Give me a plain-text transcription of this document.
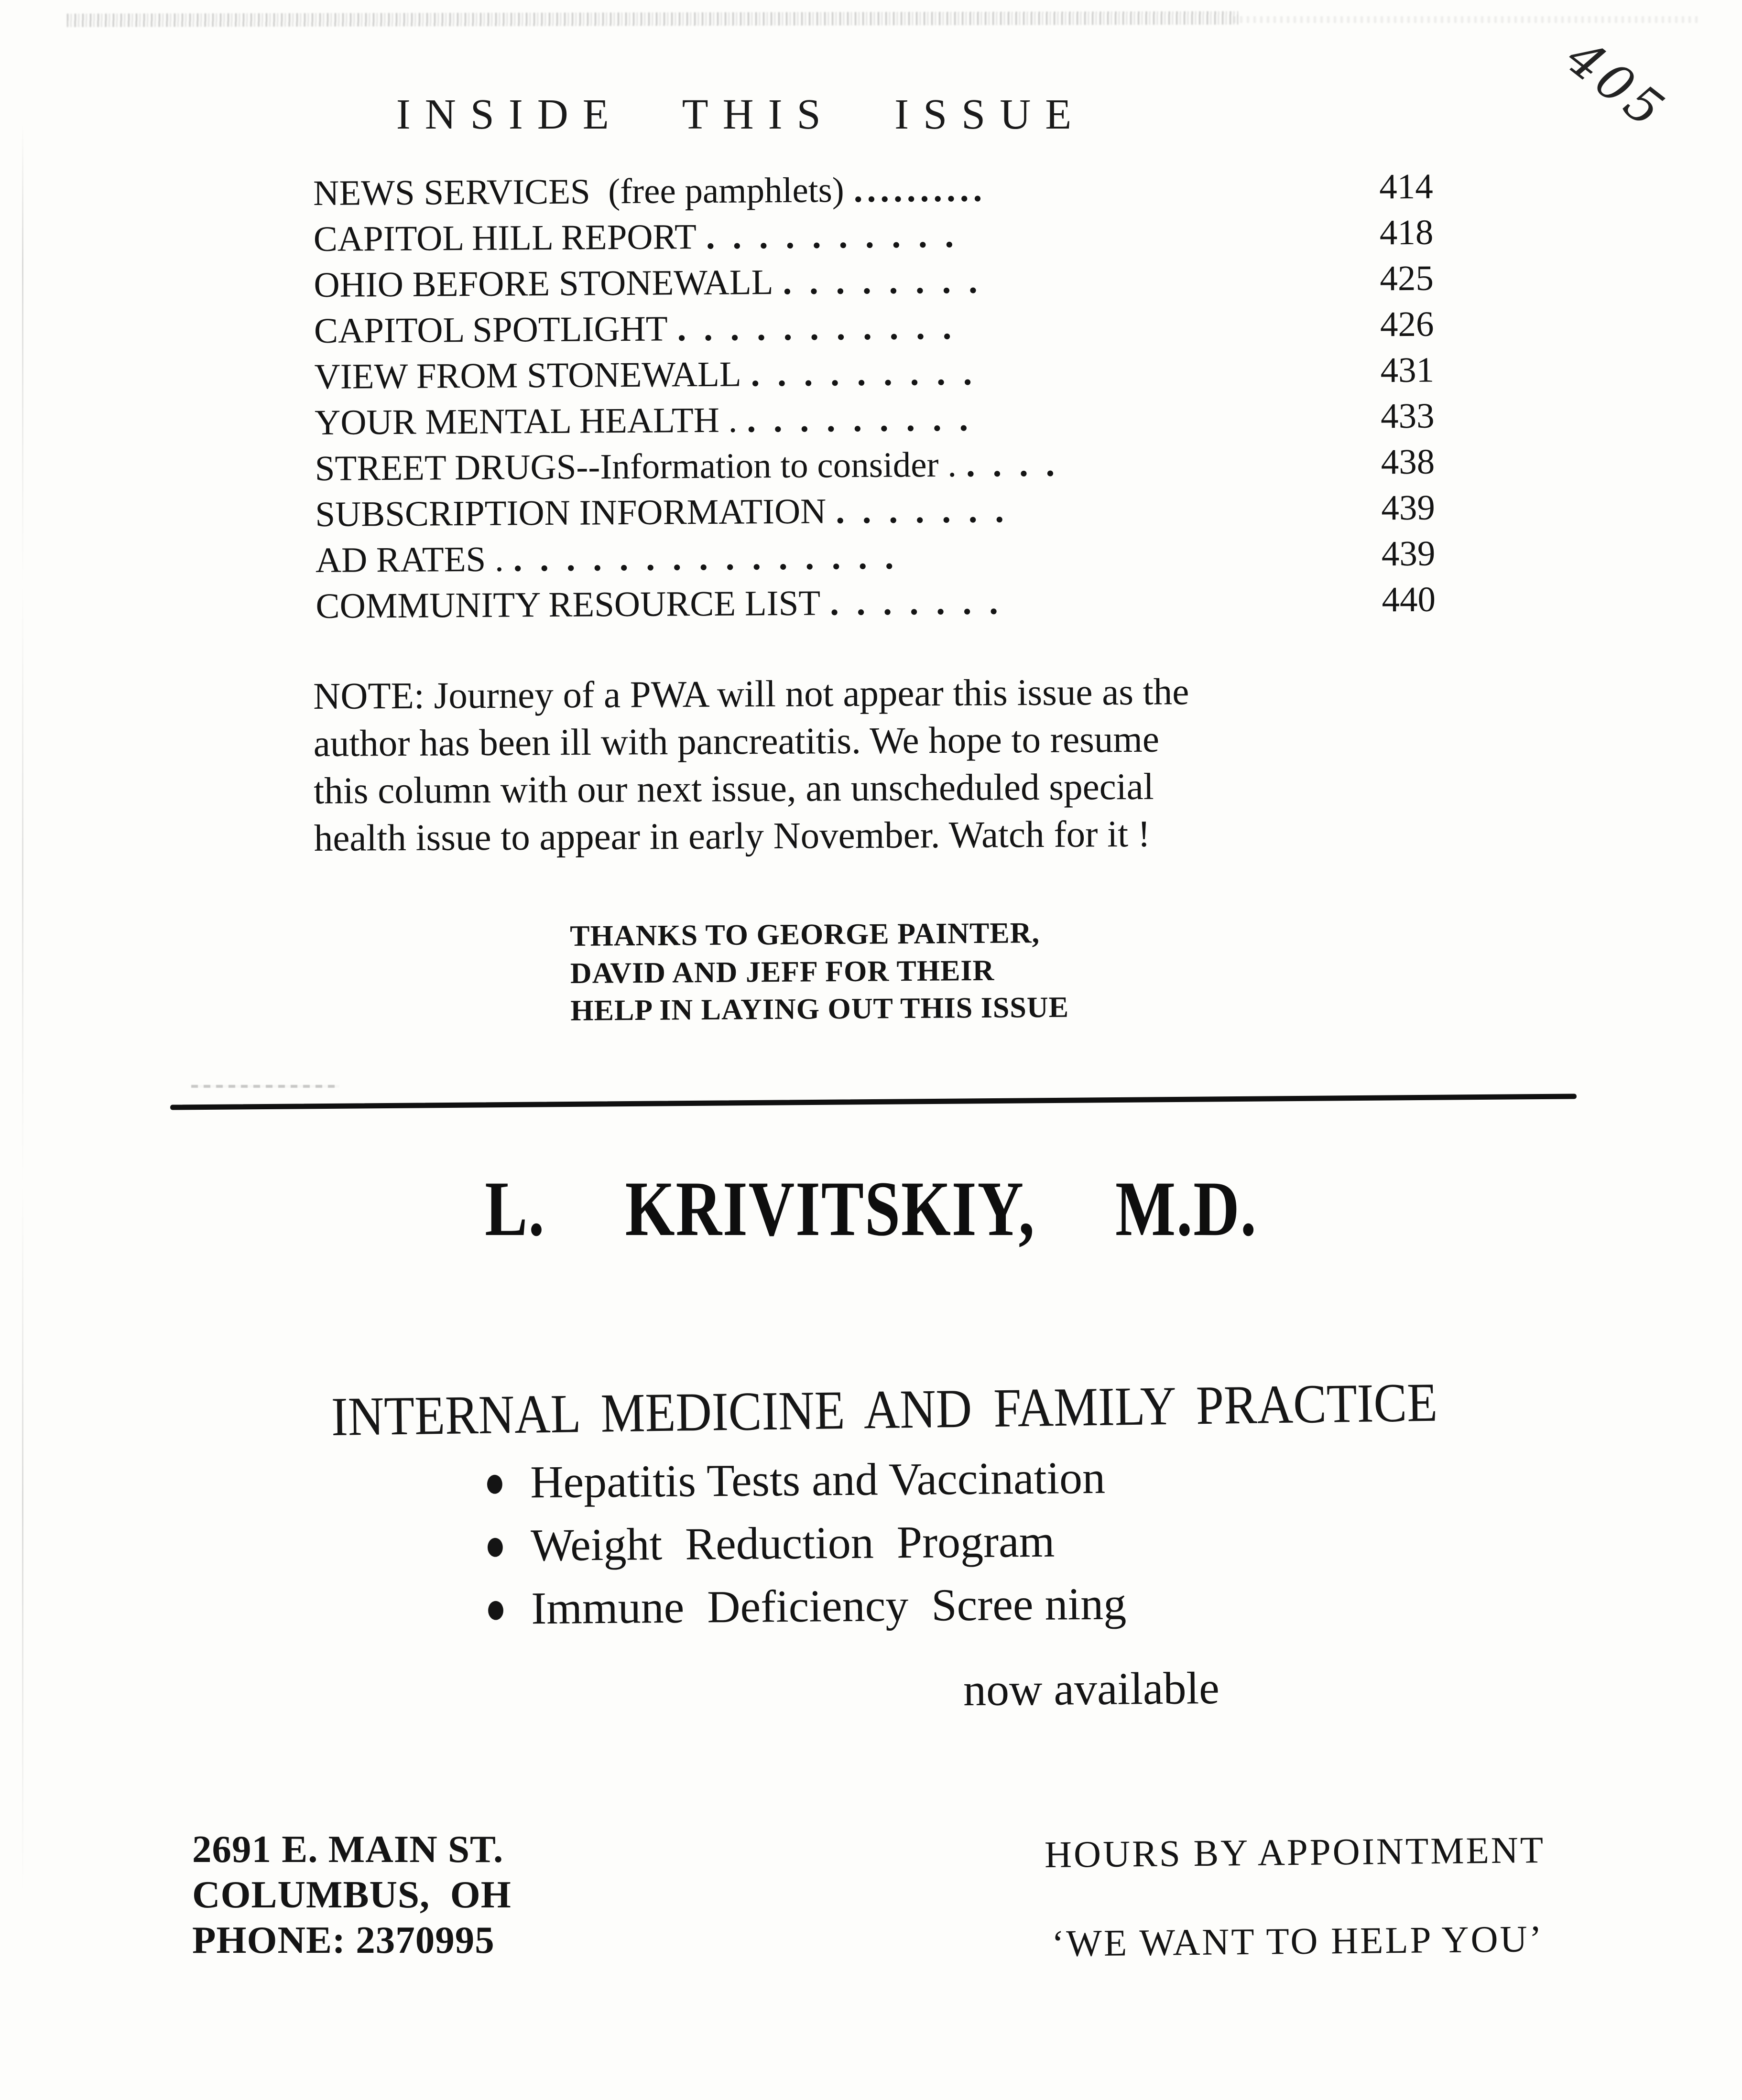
405
INSIDE THIS ISSUE
NEWS SERVICES  (free pamphlets) ..........	414
CAPITOL HILL REPORT . . . . . . . . . .	418
OHIO BEFORE STONEWALL . . . . . . . .	425
CAPITOL SPOTLIGHT . . . . . . . . . . .	426
VIEW FROM STONEWALL . . . . . . . . .	431
YOUR MENTAL HEALTH . . . . . . . . . .	433
STREET DRUGS--Information to consider . . . . .	438
SUBSCRIPTION INFORMATION . . . . . . .	439
AD RATES . . . . . . . . . . . . . . . .	439
COMMUNITY RESOURCE LIST . . . . . . .	440
NOTE: Journey of a PWA will not appear this issue as the
author has been ill with pancreatitis. We hope to resume
this column with our next issue, an unscheduled special
health issue to appear in early November. Watch for it !
THANKS TO GEORGE PAINTER,
DAVID AND JEFF FOR THEIR
HELP IN LAYING OUT THIS ISSUE
L.  KRIVITSKIY,  M.D.
INTERNAL MEDICINE AND FAMILY PRACTICE
● Hepatitis Tests and Vaccination
● Weight  Reduction  Program
● Immune  Deficiency  Scree ning
now available
2691 E. MAIN ST.
COLUMBUS,  OH
PHONE: 2370995
HOURS BY APPOINTMENT
‘WE WANT TO HELP YOU’
